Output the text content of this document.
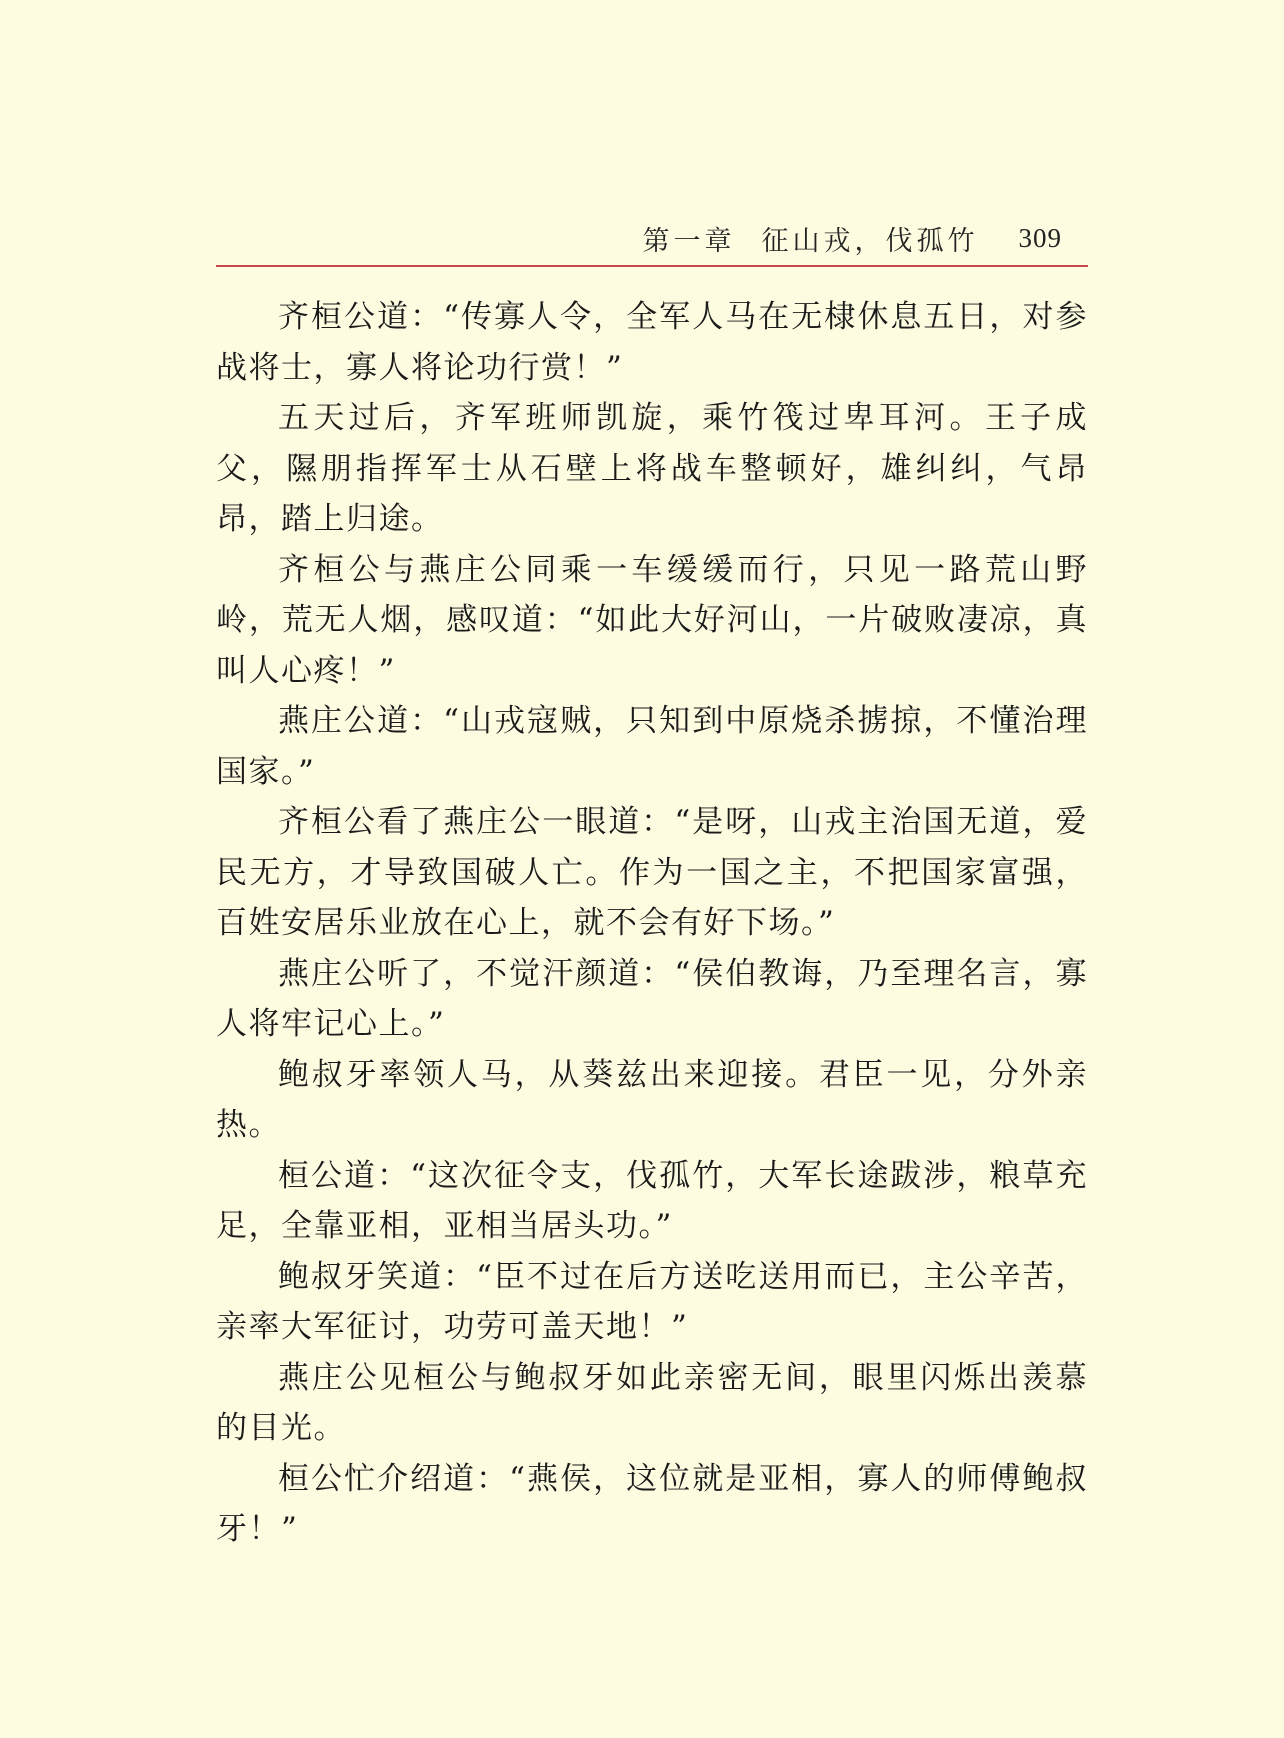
第一章 征山戎，伐孤竹 309

齐桓公道：“传寡人令，全军人马在无棣休息五日，对参战将士，寡人将论功行赏！”

五天过后，齐军班师凯旋，乘竹筏过卑耳河。王子成父，隰朋指挥军士从石壁上将战车整顿好，雄纠纠，气昂昂，踏上归途。

齐桓公与燕庄公同乘一车缓缓而行，只见一路荒山野岭，荒无人烟，感叹道：“如此大好河山，一片破败凄凉，真叫人心疼！”

燕庄公道：“山戎寇贼，只知到中原烧杀掳掠，不懂治理国家。”

齐桓公看了燕庄公一眼道：“是呀，山戎主治国无道，爱民无方，才导致国破人亡。作为一国之主，不把国家富强，百姓安居乐业放在心上，就不会有好下场。”

燕庄公听了，不觉汗颜道：“侯伯教诲，乃至理名言，寡人将牢记心上。”

鲍叔牙率领人马，从葵兹出来迎接。君臣一见，分外亲热。

桓公道：“这次征令支，伐孤竹，大军长途跋涉，粮草充足，全靠亚相，亚相当居头功。”

鲍叔牙笑道：“臣不过在后方送吃送用而已，主公辛苦，亲率大军征讨，功劳可盖天地！”

燕庄公见桓公与鲍叔牙如此亲密无间，眼里闪烁出羡慕的目光。

桓公忙介绍道：“燕侯，这位就是亚相，寡人的师傅鲍叔牙！”
